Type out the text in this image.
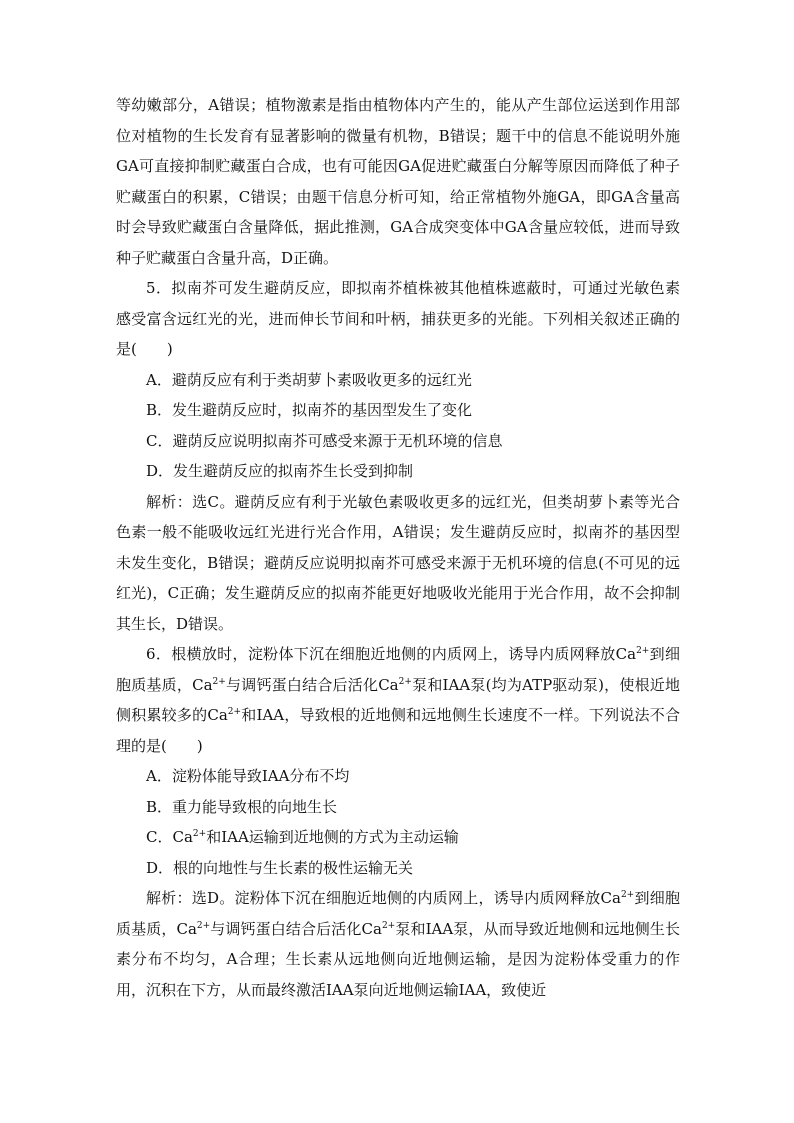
等幼嫩部分，A错误；植物激素是指由植物体内产生的，能从产生部位运送到作用部位对植物的生长发育有显著影响的微量有机物，B错误；题干中的信息不能说明外施GA可直接抑制贮藏蛋白合成，也有可能因GA促进贮藏蛋白分解等原因而降低了种子贮藏蛋白的积累，C错误；由题干信息分析可知，给正常植物外施GA，即GA含量高时会导致贮藏蛋白含量降低，据此推测，GA合成突变体中GA含量应较低，进而导致种子贮藏蛋白含量升高，D正确。

5．拟南芥可发生避荫反应，即拟南芥植株被其他植株遮蔽时，可通过光敏色素感受富含远红光的光，进而伸长节间和叶柄，捕获更多的光能。下列相关叙述正确的是(　　)

A．避荫反应有利于类胡萝卜素吸收更多的远红光

B．发生避荫反应时，拟南芥的基因型发生了变化

C．避荫反应说明拟南芥可感受来源于无机环境的信息

D．发生避荫反应的拟南芥生长受到抑制

解析：选C。避荫反应有利于光敏色素吸收更多的远红光，但类胡萝卜素等光合色素一般不能吸收远红光进行光合作用，A错误；发生避荫反应时，拟南芥的基因型未发生变化，B错误；避荫反应说明拟南芥可感受来源于无机环境的信息(不可见的远红光)，C正确；发生避荫反应的拟南芥能更好地吸收光能用于光合作用，故不会抑制其生长，D错误。

6．根横放时，淀粉体下沉在细胞近地侧的内质网上，诱导内质网释放$Ca^{2+}$到细胞质基质，$Ca^{2+}$与调钙蛋白结合后活化$Ca^{2+}$泵和IAA泵(均为ATP驱动泵)，使根近地侧积累较多的$Ca^{2+}$和IAA，导致根的近地侧和远地侧生长速度不一样。下列说法不合理的是(　　)

A．淀粉体能导致IAA分布不均

B．重力能导致根的向地生长

C．$Ca^{2+}$和IAA运输到近地侧的方式为主动运输

D．根的向地性与生长素的极性运输无关

解析：选D。淀粉体下沉在细胞近地侧的内质网上，诱导内质网释放$Ca^{2+}$到细胞质基质，$Ca^{2+}$与调钙蛋白结合后活化$Ca^{2+}$泵和IAA泵，从而导致近地侧和远地侧生长素分布不均匀，A合理；生长素从远地侧向近地侧运输，是因为淀粉体受重力的作用，沉积在下方，从而最终激活IAA泵向近地侧运输IAA，致使近
